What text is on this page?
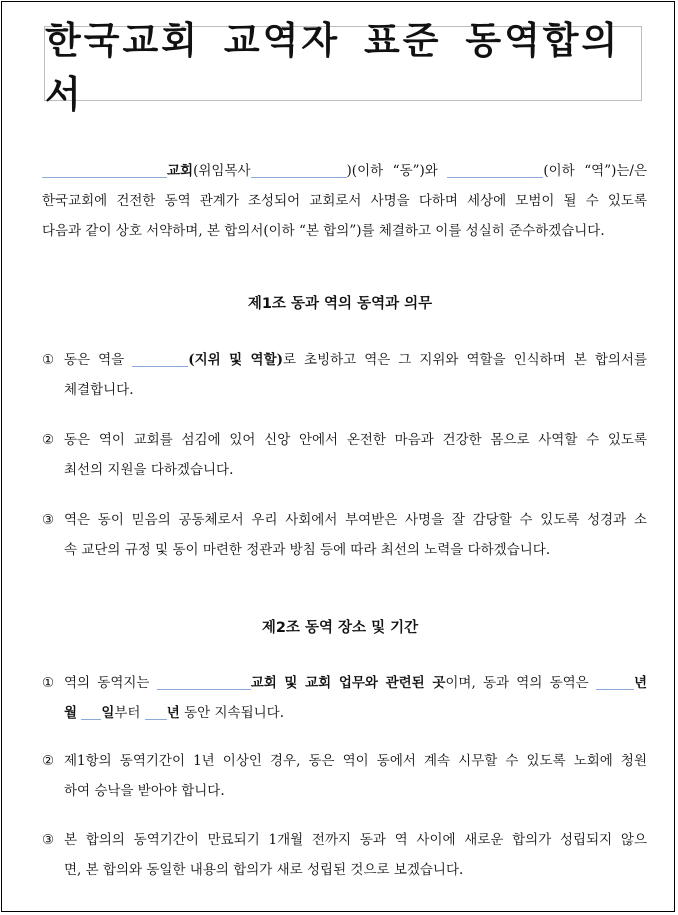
한국교회 교역자 표준 동역합의서
교회(위임목사	)(이하 “동”)와	(이하 “역”)는/은
한국교회에 건전한 동역 관계가 조성되어 교회로서 사명을 다하며 세상에 모범이 될 수 있도록
다음과 같이 상호 서약하며, 본 합의서(이하 “본 합의”)를 체결하고 이를 성실히 준수하겠습니다.
제1조 동과 역의 동역과 의무
① 동은 역을	(지위 및 역할)로 초빙하고 역은 그 지위와 역할을 인식하며 본 합의서를
체결합니다.
② 동은 역이 교회를 섬김에 있어 신앙 안에서 온전한 마음과 건강한 몸으로 사역할 수 있도록
최선의 지원을 다하겠습니다.
③ 역은 동이 믿음의 공동체로서 우리 사회에서 부여받은 사명을 잘 감당할 수 있도록 성경과 소
속 교단의 규정 및 동이 마련한 정관과 방침 등에 따라 최선의 노력을 다하겠습니다.
제2조 동역 장소 및 기간
① 역의 동역지는	교회 및 교회 업무와 관련된 곳이며, 동과 역의 동역은	년
월 일부터 년 동안 지속됩니다.
② 제1항의 동역기간이 1년 이상인 경우, 동은 역이 동에서 계속 시무할 수 있도록 노회에 청원
하여 승낙을 받아야 합니다.
③ 본 합의의 동역기간이 만료되기 1개월 전까지 동과 역 사이에 새로운 합의가 성립되지 않으
면, 본 합의와 동일한 내용의 합의가 새로 성립된 것으로 보겠습니다.
